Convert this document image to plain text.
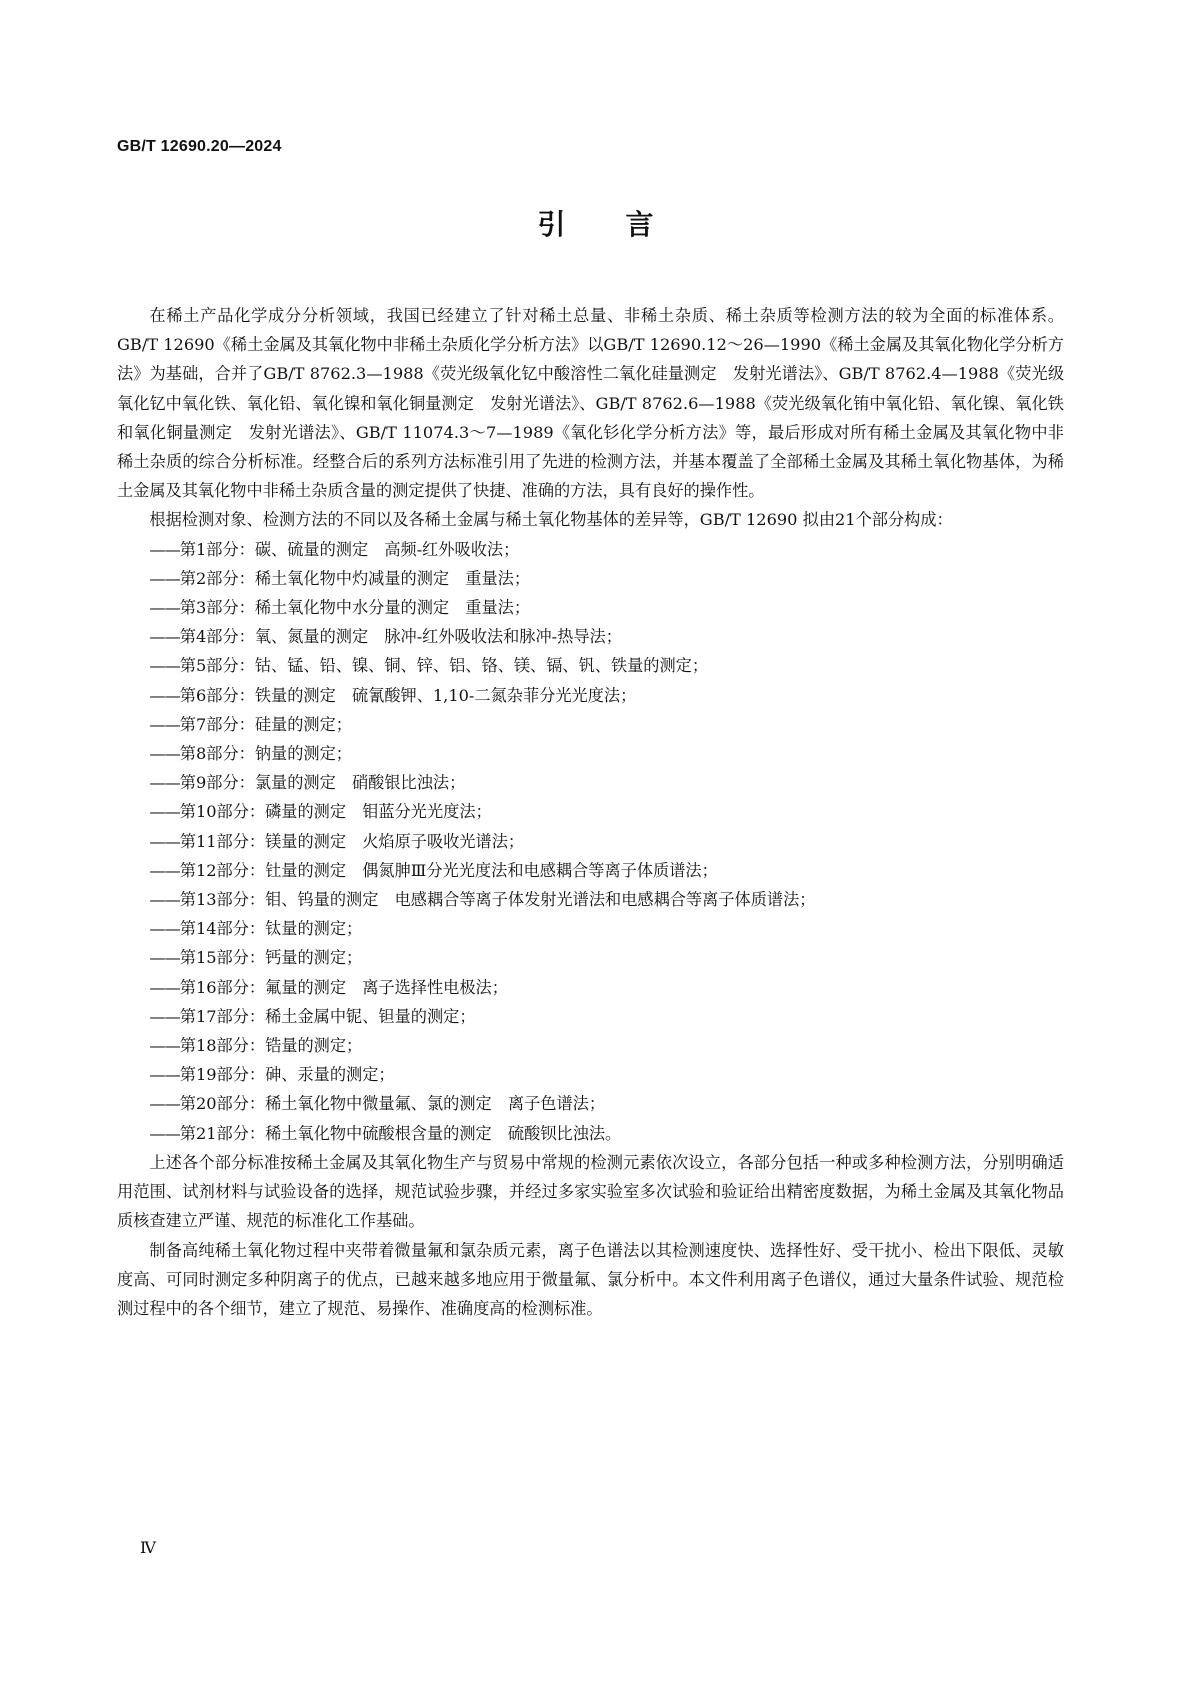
GB/T 12690.20—2024
引言

在稀土产品化学成分分析领域，我国已经建立了针对稀土总量、非稀土杂质、稀土杂质等检测方法的较为全面的标准体系。GB/T 12690《稀土金属及其氧化物中非稀土杂质化学分析方法》以GB/T 12690.12～26—1990《稀土金属及其氧化物化学分析方法》为基础，合并了GB/T 8762.3—1988《荧光级氧化钇中酸溶性二氧化硅量测定　发射光谱法》、GB/T 8762.4—1988《荧光级氧化钇中氧化铁、氧化铅、氧化镍和氧化铜量测定　发射光谱法》、GB/T 8762.6—1988《荧光级氧化铕中氧化铅、氧化镍、氧化铁和氧化铜量测定　发射光谱法》、GB/T 11074.3～7—1989《氧化钐化学分析方法》等，最后形成对所有稀土金属及其氧化物中非稀土杂质的综合分析标准。经整合后的系列方法标准引用了先进的检测方法，并基本覆盖了全部稀土金属及其稀土氧化物基体，为稀土金属及其氧化物中非稀土杂质含量的测定提供了快捷、准确的方法，具有良好的操作性。

根据检测对象、检测方法的不同以及各稀土金属与稀土氧化物基体的差异等，GB/T 12690 拟由21个部分构成：

——第1部分：碳、硫量的测定　高频-红外吸收法；
——第2部分：稀土氧化物中灼减量的测定　重量法；
——第3部分：稀土氧化物中水分量的测定　重量法；
——第4部分：氧、氮量的测定　脉冲-红外吸收法和脉冲-热导法；
——第5部分：钴、锰、铅、镍、铜、锌、铝、铬、镁、镉、钒、铁量的测定；
——第6部分：铁量的测定　硫氰酸钾、1,10-二氮杂菲分光光度法；
——第7部分：硅量的测定；
——第8部分：钠量的测定；
——第9部分：氯量的测定　硝酸银比浊法；
——第10部分：磷量的测定　钼蓝分光光度法；
——第11部分：镁量的测定　火焰原子吸收光谱法；
——第12部分：钍量的测定　偶氮胂Ⅲ分光光度法和电感耦合等离子体质谱法；
——第13部分：钼、钨量的测定　电感耦合等离子体发射光谱法和电感耦合等离子体质谱法；
——第14部分：钛量的测定；
——第15部分：钙量的测定；
——第16部分：氟量的测定　离子选择性电极法；
——第17部分：稀土金属中铌、钽量的测定；
——第18部分：锆量的测定；
——第19部分：砷、汞量的测定；
——第20部分：稀土氧化物中微量氟、氯的测定　离子色谱法；
——第21部分：稀土氧化物中硫酸根含量的测定　硫酸钡比浊法。

上述各个部分标准按稀土金属及其氧化物生产与贸易中常规的检测元素依次设立，各部分包括一种或多种检测方法，分别明确适用范围、试剂材料与试验设备的选择，规范试验步骤，并经过多家实验室多次试验和验证给出精密度数据，为稀土金属及其氧化物品质核查建立严谨、规范的标准化工作基础。

制备高纯稀土氧化物过程中夹带着微量氟和氯杂质元素，离子色谱法以其检测速度快、选择性好、受干扰小、检出下限低、灵敏度高、可同时测定多种阴离子的优点，已越来越多地应用于微量氟、氯分析中。本文件利用离子色谱仪，通过大量条件试验、规范检测过程中的各个细节，建立了规范、易操作、准确度高的检测标准。

Ⅳ
